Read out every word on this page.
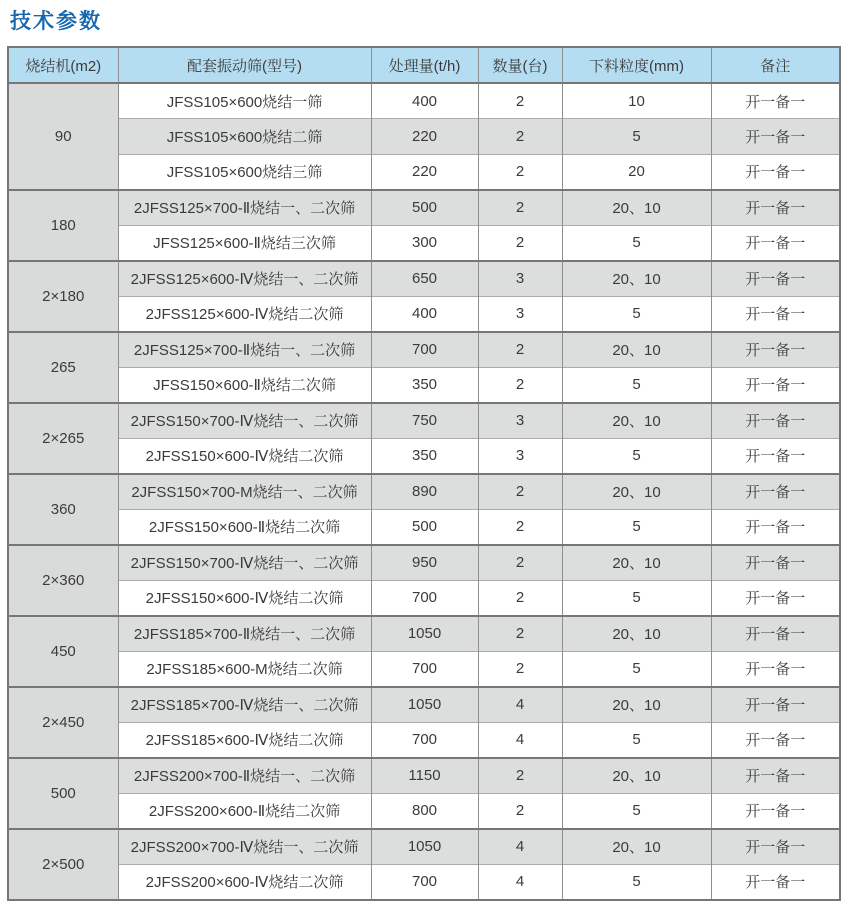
技术参数
烧结机(m2)	配套振动筛(型号)	处理量(t/h)	数量(台)	下料粒度(mm)	备注
90	JFSS105×600烧结一筛	400	2	10	开一备一
	JFSS105×600烧结二筛	220	2	5	开一备一
	JFSS105×600烧结三筛	220	2	20	开一备一
180	2JFSS125×700-Ⅱ烧结一、二次筛	500	2	20、10	开一备一
	JFSS125×600-Ⅱ烧结三次筛	300	2	5	开一备一
2×180	2JFSS125×600-Ⅳ烧结一、二次筛	650	3	20、10	开一备一
	2JFSS125×600-Ⅳ烧结二次筛	400	3	5	开一备一
265	2JFSS125×700-Ⅱ烧结一、二次筛	700	2	20、10	开一备一
	JFSS150×600-Ⅱ烧结二次筛	350	2	5	开一备一
2×265	2JFSS150×700-Ⅳ烧结一、二次筛	750	3	20、10	开一备一
	2JFSS150×600-Ⅳ烧结二次筛	350	3	5	开一备一
360	2JFSS150×700-M烧结一、二次筛	890	2	20、10	开一备一
	2JFSS150×600-Ⅱ烧结二次筛	500	2	5	开一备一
2×360	2JFSS150×700-Ⅳ烧结一、二次筛	950	2	20、10	开一备一
	2JFSS150×600-Ⅳ烧结二次筛	700	2	5	开一备一
450	2JFSS185×700-Ⅱ烧结一、二次筛	1050	2	20、10	开一备一
	2JFSS185×600-M烧结二次筛	700	2	5	开一备一
2×450	2JFSS185×700-Ⅳ烧结一、二次筛	1050	4	20、10	开一备一
	2JFSS185×600-Ⅳ烧结二次筛	700	4	5	开一备一
500	2JFSS200×700-Ⅱ烧结一、二次筛	1150	2	20、10	开一备一
	2JFSS200×600-Ⅱ烧结二次筛	800	2	5	开一备一
2×500	2JFSS200×700-Ⅳ烧结一、二次筛	1050	4	20、10	开一备一
	2JFSS200×600-Ⅳ烧结二次筛	700	4	5	开一备一
